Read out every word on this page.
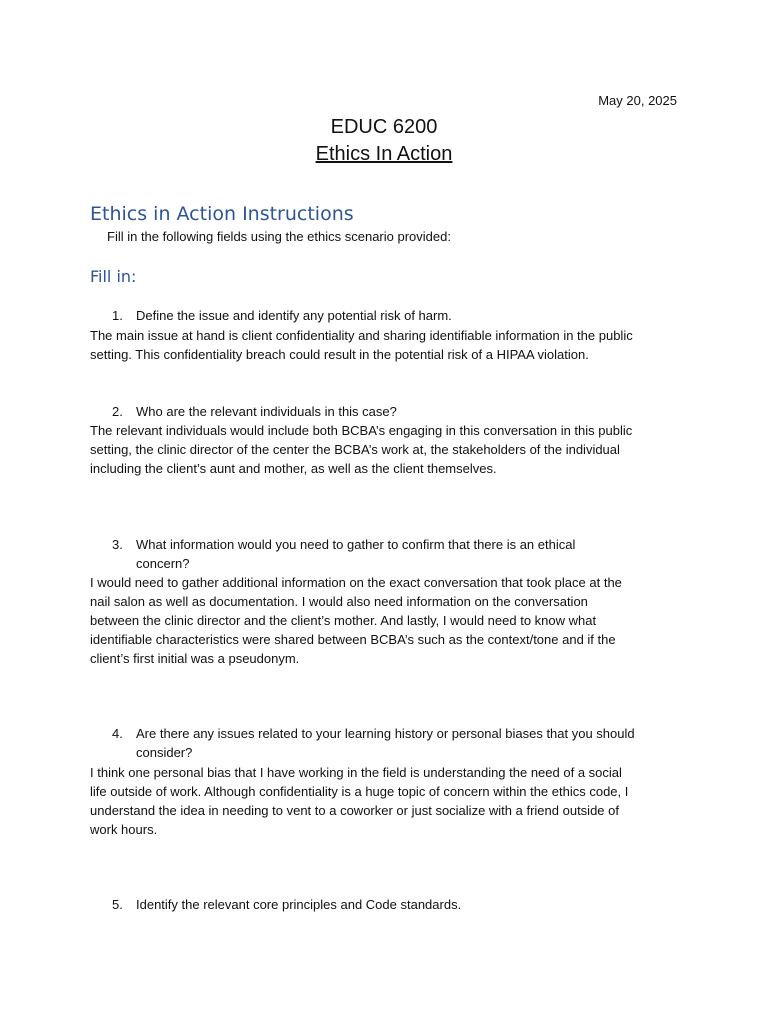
May 20, 2025
EDUC 6200
Ethics In Action
Ethics in Action Instructions
Fill in the following fields using the ethics scenario provided:
Fill in:
1. Define the issue and identify any potential risk of harm.
The main issue at hand is client confidentiality and sharing identifiable information in the public
setting. This confidentiality breach could result in the potential risk of a HIPAA violation.
2. Who are the relevant individuals in this case?
The relevant individuals would include both BCBA’s engaging in this conversation in this public
setting, the clinic director of the center the BCBA’s work at, the stakeholders of the individual
including the client’s aunt and mother, as well as the client themselves.
3. What information would you need to gather to confirm that there is an ethical
concern?
I would need to gather additional information on the exact conversation that took place at the
nail salon as well as documentation. I would also need information on the conversation
between the clinic director and the client’s mother. And lastly, I would need to know what
identifiable characteristics were shared between BCBA’s such as the context/tone and if the
client’s first initial was a pseudonym.
4. Are there any issues related to your learning history or personal biases that you should
consider?
I think one personal bias that I have working in the field is understanding the need of a social
life outside of work. Although confidentiality is a huge topic of concern within the ethics code, I
understand the idea in needing to vent to a coworker or just socialize with a friend outside of
work hours.
5. Identify the relevant core principles and Code standards.
